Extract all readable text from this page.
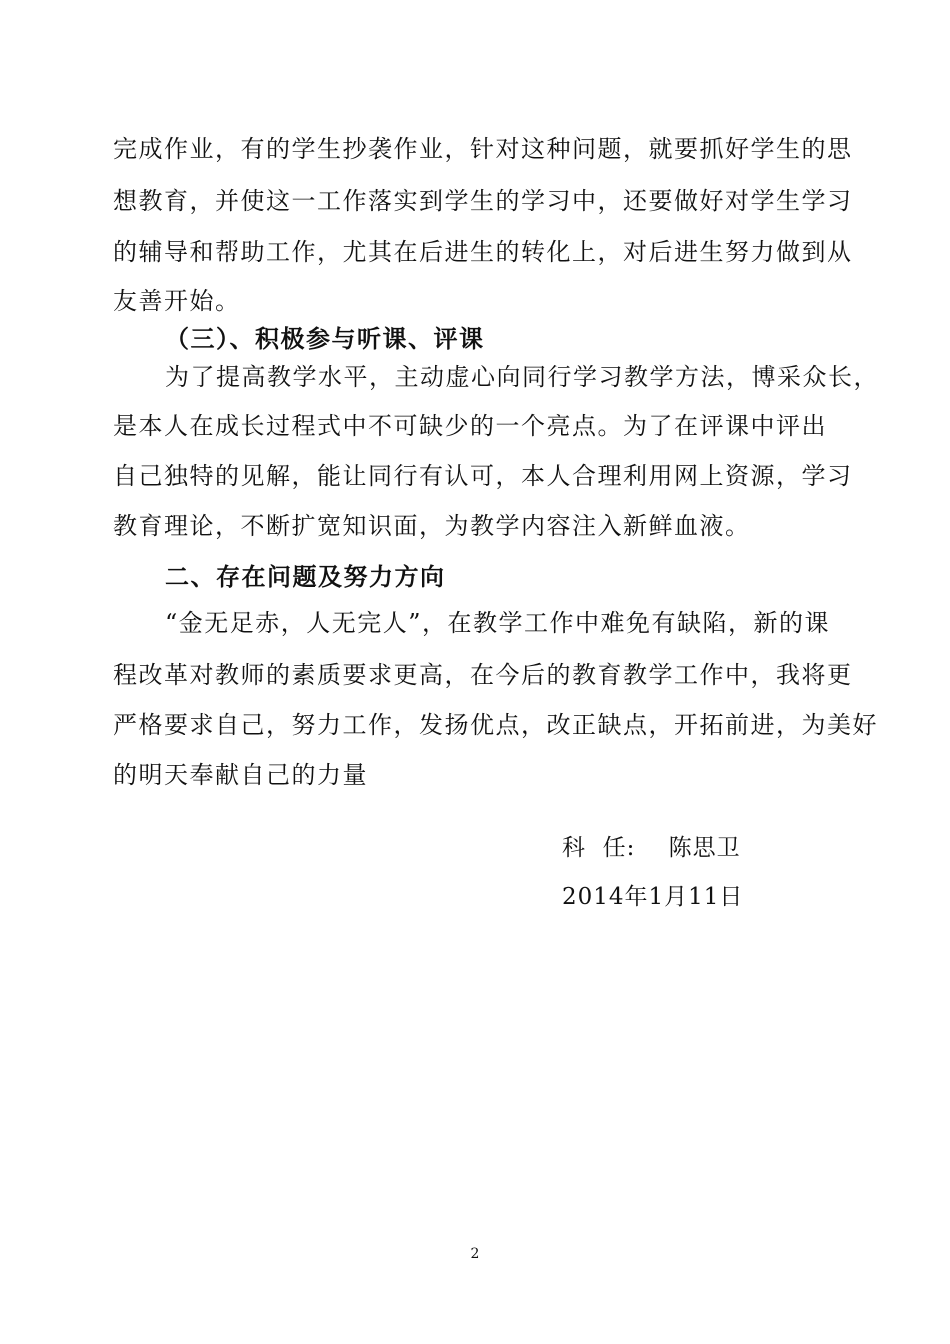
完成作业，有的学生抄袭作业，针对这种问题，就要抓好学生的思
想教育，并使这一工作落实到学生的学习中，还要做好对学生学习
的辅导和帮助工作，尤其在后进生的转化上，对后进生努力做到从
友善开始。
（三）、积极参与听课、评课
为了提高教学水平，主动虚心向同行学习教学方法，博采众长，
是本人在成长过程式中不可缺少的一个亮点。为了在评课中评出
自己独特的见解，能让同行有认可，本人合理利用网上资源，学习
教育理论，不断扩宽知识面，为教学内容注入新鲜血液。
二、存在问题及努力方向
“金无足赤，人无完人”，在教学工作中难免有缺陷，新的课
程改革对教师的素质要求更高，在今后的教育教学工作中，我将更
严格要求自己，努力工作，发扬优点，改正缺点，开拓前进，为美好
的明天奉献自己的力量
科  任:    陈思卫
2014年1月11日
2
